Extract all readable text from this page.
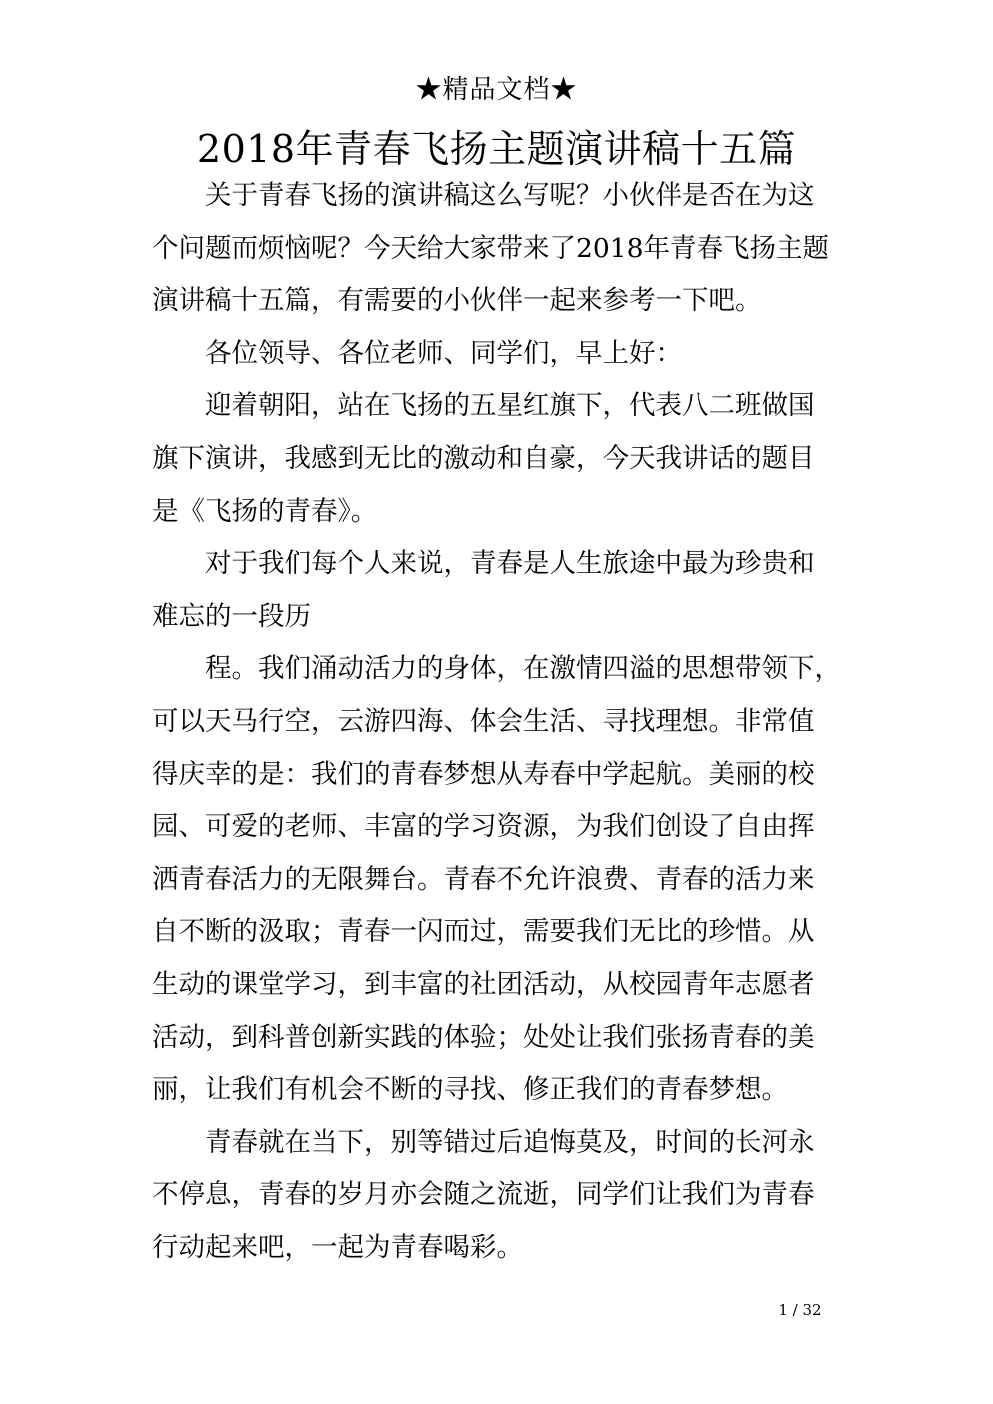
★精品文档★
2018年青春飞扬主题演讲稿十五篇

关于青春飞扬的演讲稿这么写呢？小伙伴是否在为这
个问题而烦恼呢？今天给大家带来了2018年青春飞扬主题
演讲稿十五篇，有需要的小伙伴一起来参考一下吧。

各位领导、各位老师、同学们，早上好：

迎着朝阳，站在飞扬的五星红旗下，代表八二班做国
旗下演讲，我感到无比的激动和自豪，今天我讲话的题目
是《飞扬的青春》。

对于我们每个人来说，青春是人生旅途中最为珍贵和
难忘的一段历

程。我们涌动活力的身体，在激情四溢的思想带领下，
可以天马行空，云游四海、体会生活、寻找理想。非常值
得庆幸的是：我们的青春梦想从寿春中学起航。美丽的校
园、可爱的老师、丰富的学习资源，为我们创设了自由挥
洒青春活力的无限舞台。青春不允许浪费、青春的活力来
自不断的汲取；青春一闪而过，需要我们无比的珍惜。从
生动的课堂学习，到丰富的社团活动，从校园青年志愿者
活动，到科普创新实践的体验；处处让我们张扬青春的美
丽，让我们有机会不断的寻找、修正我们的青春梦想。

青春就在当下，别等错过后追悔莫及，时间的长河永
不停息，青春的岁月亦会随之流逝，同学们让我们为青春
行动起来吧，一起为青春喝彩。

1 / 32
